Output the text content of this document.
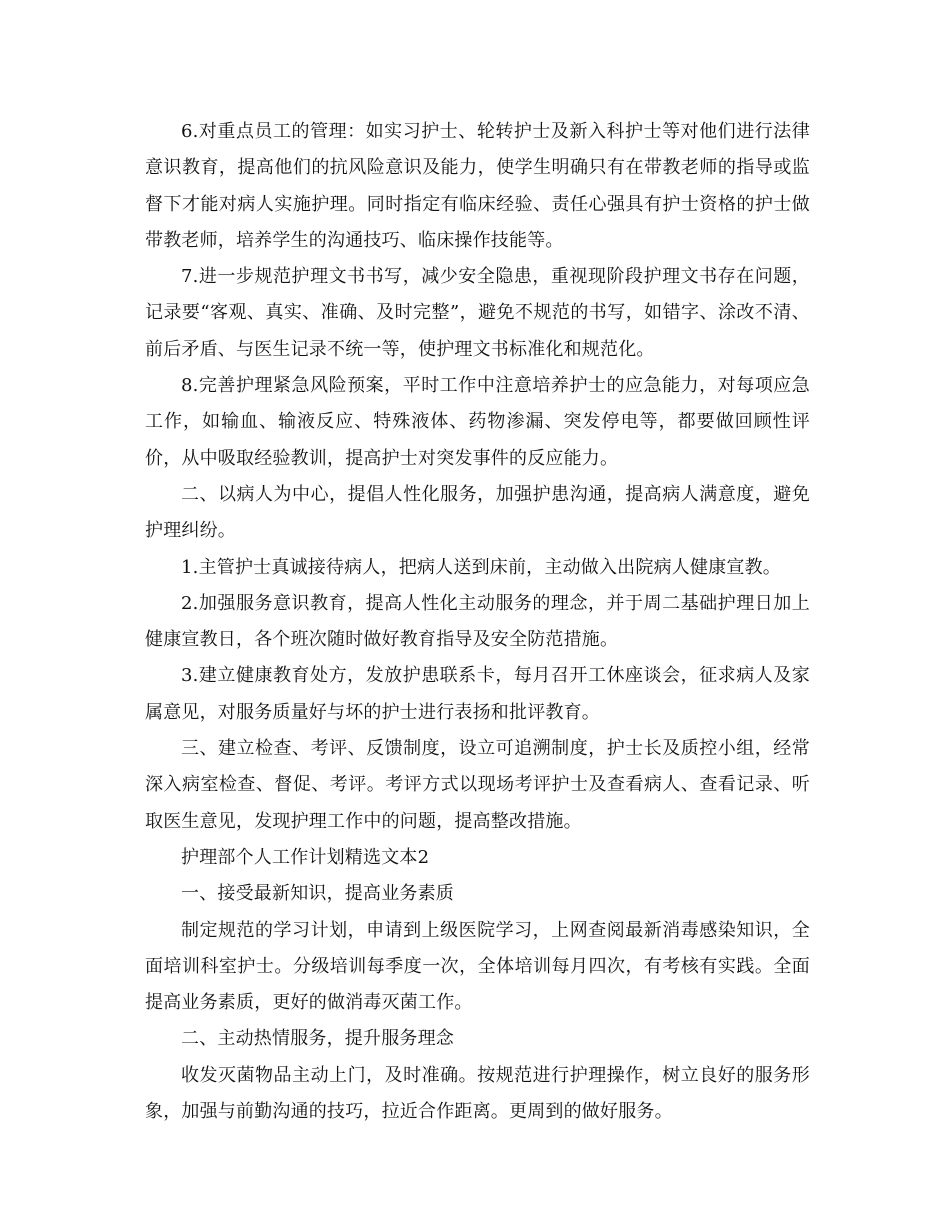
6.对重点员工的管理：如实习护士、轮转护士及新入科护士等对他们进行法律意识教育，提高他们的抗风险意识及能力，使学生明确只有在带教老师的指导或监督下才能对病人实施护理。同时指定有临床经验、责任心强具有护士资格的护士做带教老师，培养学生的沟通技巧、临床操作技能等。

7.进一步规范护理文书书写，减少安全隐患，重视现阶段护理文书存在问题，记录要“客观、真实、准确、及时完整”，避免不规范的书写，如错字、涂改不清、前后矛盾、与医生记录不统一等，使护理文书标准化和规范化。

8.完善护理紧急风险预案，平时工作中注意培养护士的应急能力，对每项应急工作，如输血、输液反应、特殊液体、药物渗漏、突发停电等，都要做回顾性评价，从中吸取经验教训，提高护士对突发事件的反应能力。

二、以病人为中心，提倡人性化服务，加强护患沟通，提高病人满意度，避免护理纠纷。

1.主管护士真诚接待病人，把病人送到床前，主动做入出院病人健康宣教。

2.加强服务意识教育，提高人性化主动服务的理念，并于周二基础护理日加上健康宣教日，各个班次随时做好教育指导及安全防范措施。

3.建立健康教育处方，发放护患联系卡，每月召开工休座谈会，征求病人及家属意见，对服务质量好与坏的护士进行表扬和批评教育。

三、建立检查、考评、反馈制度，设立可追溯制度，护士长及质控小组，经常深入病室检查、督促、考评。考评方式以现场考评护士及查看病人、查看记录、听取医生意见，发现护理工作中的问题，提高整改措施。

护理部个人工作计划精选文本2

一、接受最新知识，提高业务素质

制定规范的学习计划，申请到上级医院学习，上网查阅最新消毒感染知识，全面培训科室护士。分级培训每季度一次，全体培训每月四次，有考核有实践。全面提高业务素质，更好的做消毒灭菌工作。

二、主动热情服务，提升服务理念

收发灭菌物品主动上门，及时准确。按规范进行护理操作，树立良好的服务形象，加强与前勤沟通的技巧，拉近合作距离。更周到的做好服务。
